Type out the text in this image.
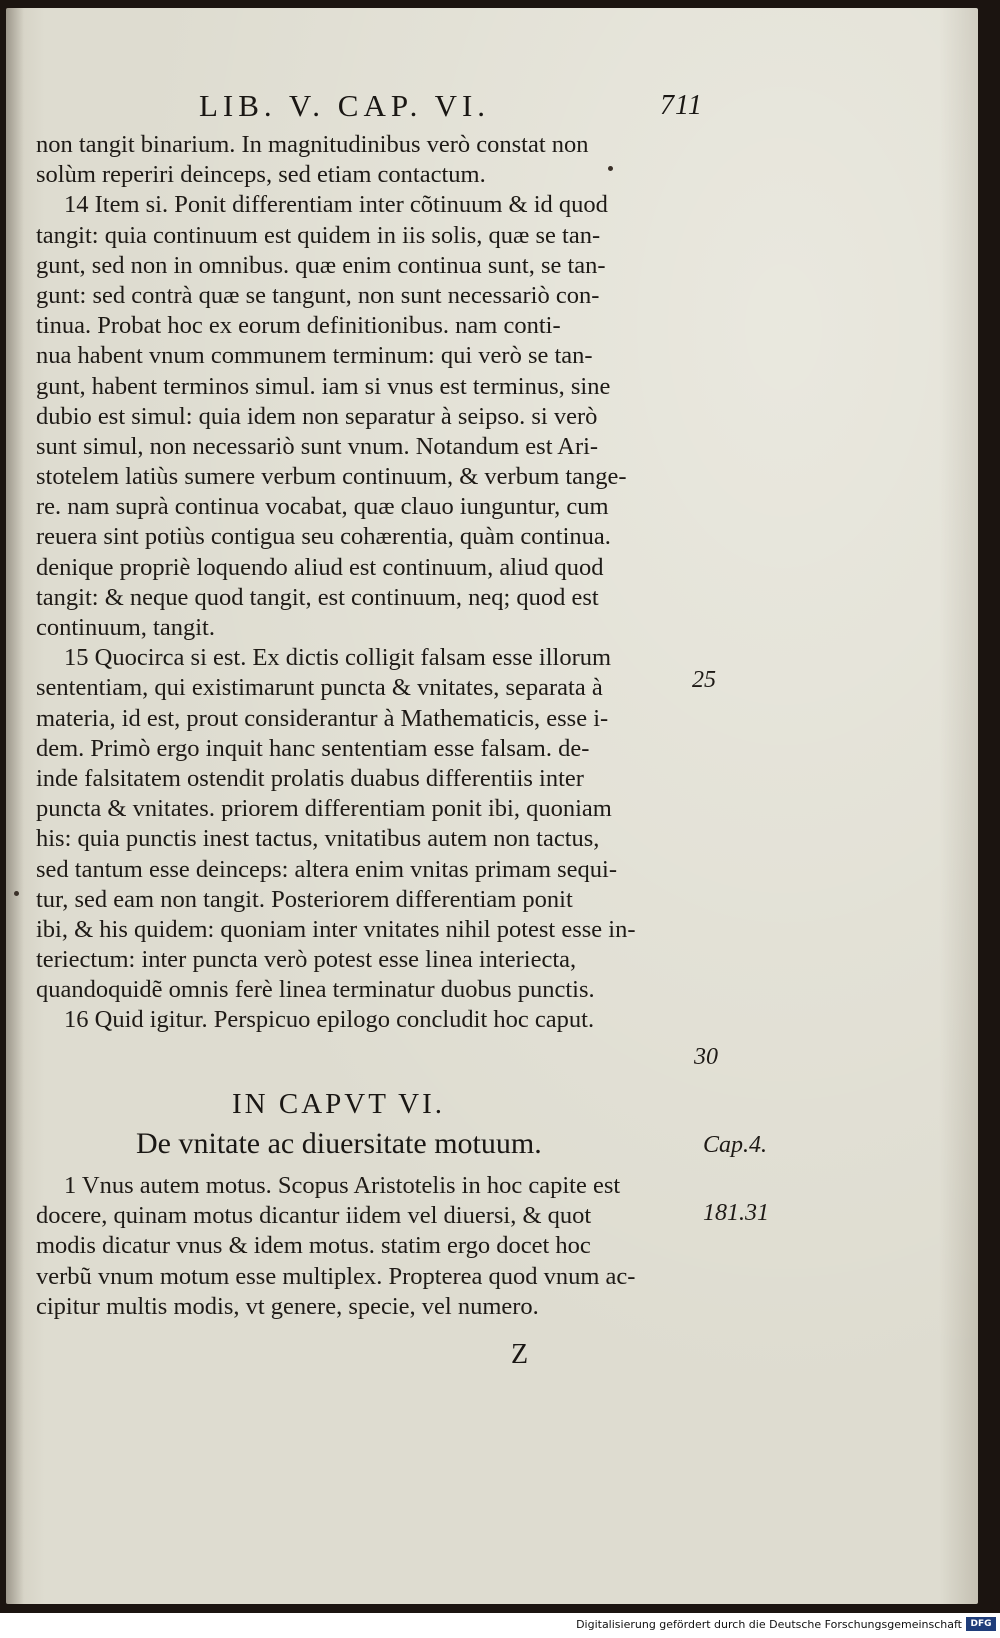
LIB. V. CAP. VI.	711
non tangit binarium. In magnitudinibus verò constat non
solùm reperiri deinceps, sed etiam contactum.
14 Item si. Ponit differentiam inter cõtinuum & id quod
tangit: quia continuum est quidem in iis solis, quæ se tan-
gunt, sed non in omnibus. quæ enim continua sunt, se tan-
gunt: sed contrà quæ se tangunt, non sunt necessariò con-
tinua. Probat hoc ex eorum definitionibus. nam conti-
nua habent vnum communem terminum: qui verò se tan-
gunt, habent terminos simul. iam si vnus est terminus, sine
dubio est simul: quia idem non separatur à seipso. si verò
sunt simul, non necessariò sunt vnum. Notandum est Ari-
stotelem latiùs sumere verbum continuum, & verbum tange-
re. nam suprà continua vocabat, quæ clauo iunguntur, cum
reuera sint potiùs contigua seu cohærentia, quàm continua.
denique propriè loquendo aliud est continuum, aliud quod
tangit: & neque quod tangit, est continuum, neq; quod est
continuum, tangit.
15 Quocirca si est. Ex dictis colligit falsam esse illorum
sententiam, qui existimarunt puncta & vnitates, separata à
materia, id est, prout considerantur à Mathematicis, esse i-
dem. Primò ergo inquit hanc sententiam esse falsam. de-
inde falsitatem ostendit prolatis duabus differentiis inter
puncta & vnitates. priorem differentiam ponit ibi, quoniam
his: quia punctis inest tactus, vnitatibus autem non tactus,
sed tantum esse deinceps: altera enim vnitas primam sequi-
tur, sed eam non tangit. Posteriorem differentiam ponit
ibi, & his quidem: quoniam inter vnitates nihil potest esse in-
teriectum: inter puncta verò potest esse linea interiecta,
quandoquidẽ omnis ferè linea terminatur duobus punctis.
16 Quid igitur. Perspicuo epilogo concludit hoc caput.
25
30
Cap.4.
181.31
IN CAPVT VI.
De vnitate ac diuersitate motuum.
1 Vnus autem motus. Scopus Aristotelis in hoc capite est
docere, quinam motus dicantur iidem vel diuersi, & quot
modis dicatur vnus & idem motus. statim ergo docet hoc
verbũ vnum motum esse multiplex. Propterea quod vnum ac-
cipitur multis modis, vt genere, specie, vel numero.
Z
Digitalisierung gefördert durch die Deutsche Forschungsgemeinschaft DFG
